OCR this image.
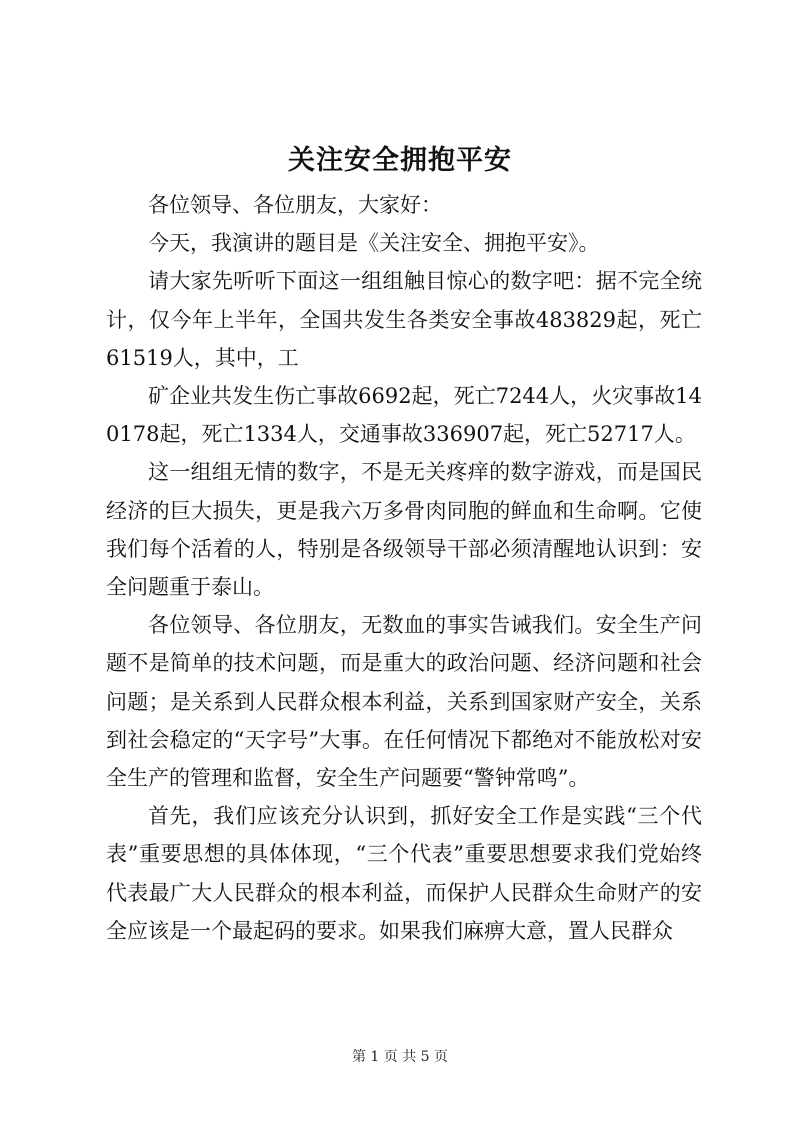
关注安全拥抱平安

各位领导、各位朋友，大家好：

今天，我演讲的题目是《关注安全、拥抱平安》。

请大家先听听下面这一组组触目惊心的数字吧：据不完全统计，仅今年上半年，全国共发生各类安全事故483829起，死亡61519人，其中，工

矿企业共发生伤亡事故6692起，死亡7244人，火灾事故140178起，死亡1334人，交通事故336907起，死亡52717人。

这一组组无情的数字，不是无关疼痒的数字游戏，而是国民经济的巨大损失，更是我六万多骨肉同胞的鲜血和生命啊。它使我们每个活着的人，特别是各级领导干部必须清醒地认识到：安全问题重于泰山。

各位领导、各位朋友，无数血的事实告诫我们。安全生产问题不是简单的技术问题，而是重大的政治问题、经济问题和社会问题；是关系到人民群众根本利益，关系到国家财产安全，关系到社会稳定的“天字号”大事。在任何情况下都绝对不能放松对安全生产的管理和监督，安全生产问题要“警钟常鸣”。

首先，我们应该充分认识到，抓好安全工作是实践“三个代表”重要思想的具体体现，“三个代表”重要思想要求我们党始终代表最广大人民群众的根本利益，而保护人民群众生命财产的安全应该是一个最起码的要求。如果我们麻痹大意，置人民群众

第 1 页 共 5 页
